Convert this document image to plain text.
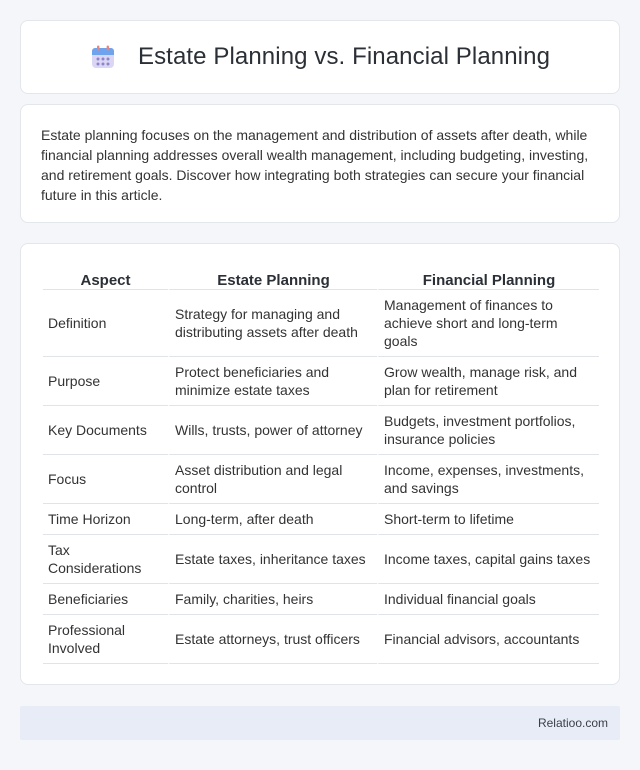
Estate Planning vs. Financial Planning

Estate planning focuses on the management and distribution of assets after death, while financial planning addresses overall wealth management, including budgeting, investing, and retirement goals. Discover how integrating both strategies can secure your financial future in this article.

Aspect	Estate Planning	Financial Planning
Definition	Strategy for managing and distributing assets after death	Management of finances to achieve short and long-term goals
Purpose	Protect beneficiaries and minimize estate taxes	Grow wealth, manage risk, and plan for retirement
Key Documents	Wills, trusts, power of attorney	Budgets, investment portfolios, insurance policies
Focus	Asset distribution and legal control	Income, expenses, investments, and savings
Time Horizon	Long-term, after death	Short-term to lifetime
Tax Considerations	Estate taxes, inheritance taxes	Income taxes, capital gains taxes
Beneficiaries	Family, charities, heirs	Individual financial goals
Professional Involved	Estate attorneys, trust officers	Financial advisors, accountants
Relatioo.com
